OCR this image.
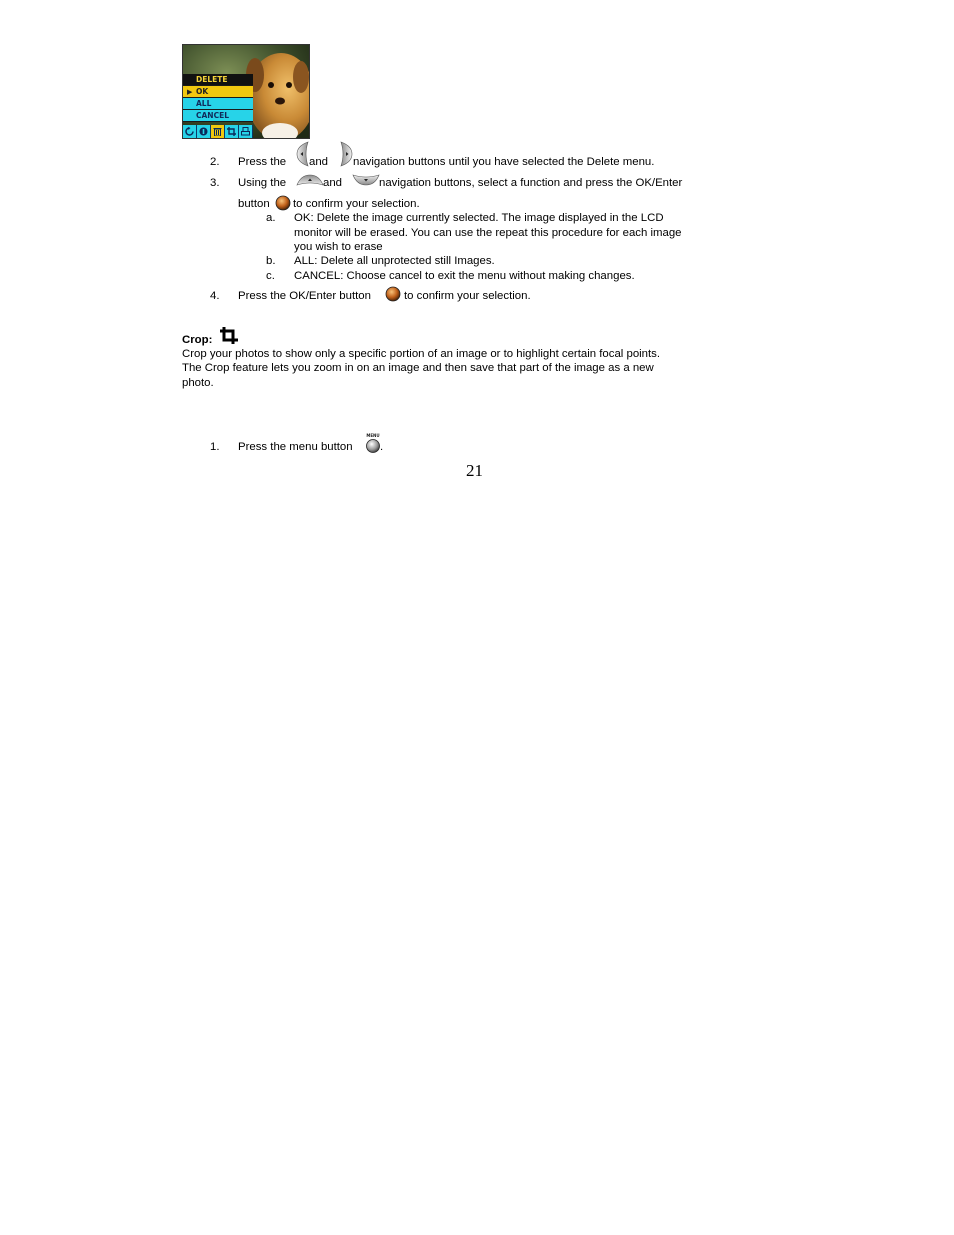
DELETE
▶ OK
ALL
CANCEL
2. Press the and navigation buttons until you have selected the Delete menu.
3. Using the	and	navigation buttons, select a function and press the OK/Enter
button to confirm your selection.
a. OK: Delete the image currently selected. The image displayed in the LCD
monitor will be erased. You can use the repeat this procedure for each image
you wish to erase
b. ALL: Delete all unprotected still Images.
c. CANCEL: Choose cancel to exit the menu without making changes.
4. Press the OK/Enter button	to confirm your selection.
Crop:
Crop your photos to show only a specific portion of an image or to highlight certain focal points.
The Crop feature lets you zoom in on an image and then save that part of the image as a new
photo.
1. Press the menu button
MENU
.
21
